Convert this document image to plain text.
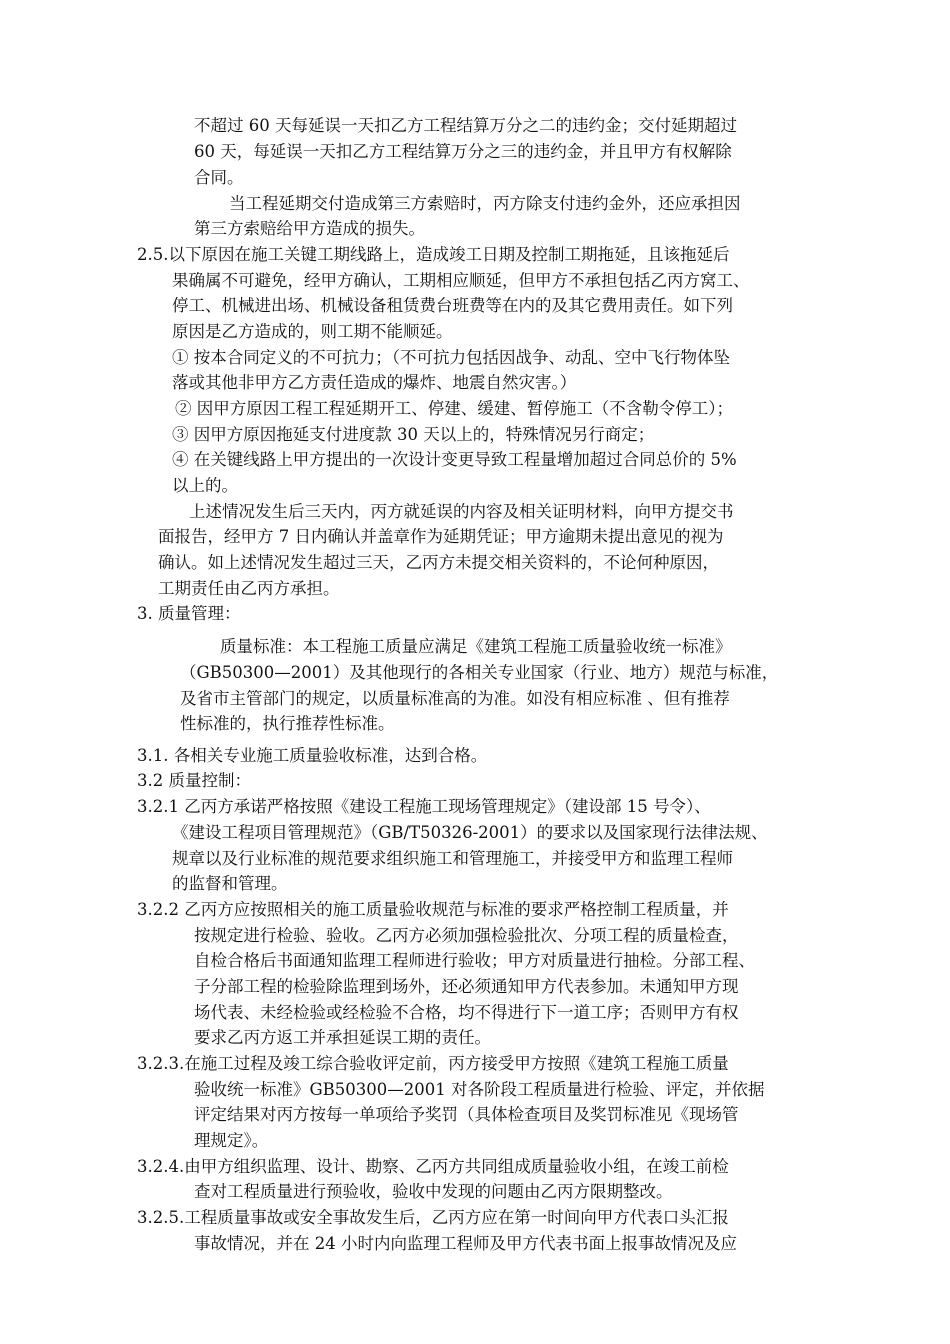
不超过 60 天每延误一天扣乙方工程结算万分之二的违约金；交付延期超过
60 天，每延误一天扣乙方工程结算万分之三的违约金，并且甲方有权解除
合同。
当工程延期交付造成第三方索赔时，丙方除支付违约金外，还应承担因
第三方索赔给甲方造成的损失。
2.5.以下原因在施工关键工期线路上，造成竣工日期及控制工期拖延，且该拖延后
果确属不可避免，经甲方确认，工期相应顺延，但甲方不承担包括乙丙方窝工、
停工、机械进出场、机械设备租赁费台班费等在内的及其它费用责任。如下列
原因是乙方造成的，则工期不能顺延。
① 按本合同定义的不可抗力；（不可抗力包括因战争、动乱、空中飞行物体坠
落或其他非甲方乙方责任造成的爆炸、地震自然灾害。）
② 因甲方原因工程工程延期开工、停建、缓建、暂停施工（不含勒令停工）；
③ 因甲方原因拖延支付进度款 30 天以上的，特殊情况另行商定；
④ 在关键线路上甲方提出的一次设计变更导致工程量增加超过合同总价的 5%
以上的。
上述情况发生后三天内，丙方就延误的内容及相关证明材料，向甲方提交书
面报告，经甲方 7 日内确认并盖章作为延期凭证；甲方逾期未提出意见的视为
确认。如上述情况发生超过三天，乙丙方未提交相关资料的，不论何种原因，
工期责任由乙丙方承担。
3. 质量管理：
质量标准：本工程施工质量应满足《建筑工程施工质量验收统一标准》
（GB50300—2001）及其他现行的各相关专业国家（行业、地方）规范与标准，
及省市主管部门的规定，以质量标准高的为准。如没有相应标准 、但有推荐
性标准的，执行推荐性标准。
3.1. 各相关专业施工质量验收标准，达到合格。
3.2 质量控制：
3.2.1 乙丙方承诺严格按照《建设工程施工现场管理规定》（建设部 15 号令）、
《建设工程项目管理规范》（GB/T50326-2001）的要求以及国家现行法律法规、
规章以及行业标准的规范要求组织施工和管理施工，并接受甲方和监理工程师
的监督和管理。
3.2.2 乙丙方应按照相关的施工质量验收规范与标准的要求严格控制工程质量，并
按规定进行检验、验收。乙丙方必须加强检验批次、分项工程的质量检查，
自检合格后书面通知监理工程师进行验收；甲方对质量进行抽检。分部工程、
子分部工程的检验除监理到场外，还必须通知甲方代表参加。未通知甲方现
场代表、未经检验或经检验不合格，均不得进行下一道工序；否则甲方有权
要求乙丙方返工并承担延误工期的责任。
3.2.3.在施工过程及竣工综合验收评定前，丙方接受甲方按照《建筑工程施工质量
验收统一标准》GB50300—2001 对各阶段工程质量进行检验、评定，并依据
评定结果对丙方按每一单项给予奖罚（具体检查项目及奖罚标准见《现场管
理规定》。
3.2.4.由甲方组织监理、设计、勘察、乙丙方共同组成质量验收小组，在竣工前检
查对工程质量进行预验收，验收中发现的问题由乙丙方限期整改。
3.2.5.工程质量事故或安全事故发生后，乙丙方应在第一时间向甲方代表口头汇报
事故情况，并在 24 小时内向监理工程师及甲方代表书面上报事故情况及应
